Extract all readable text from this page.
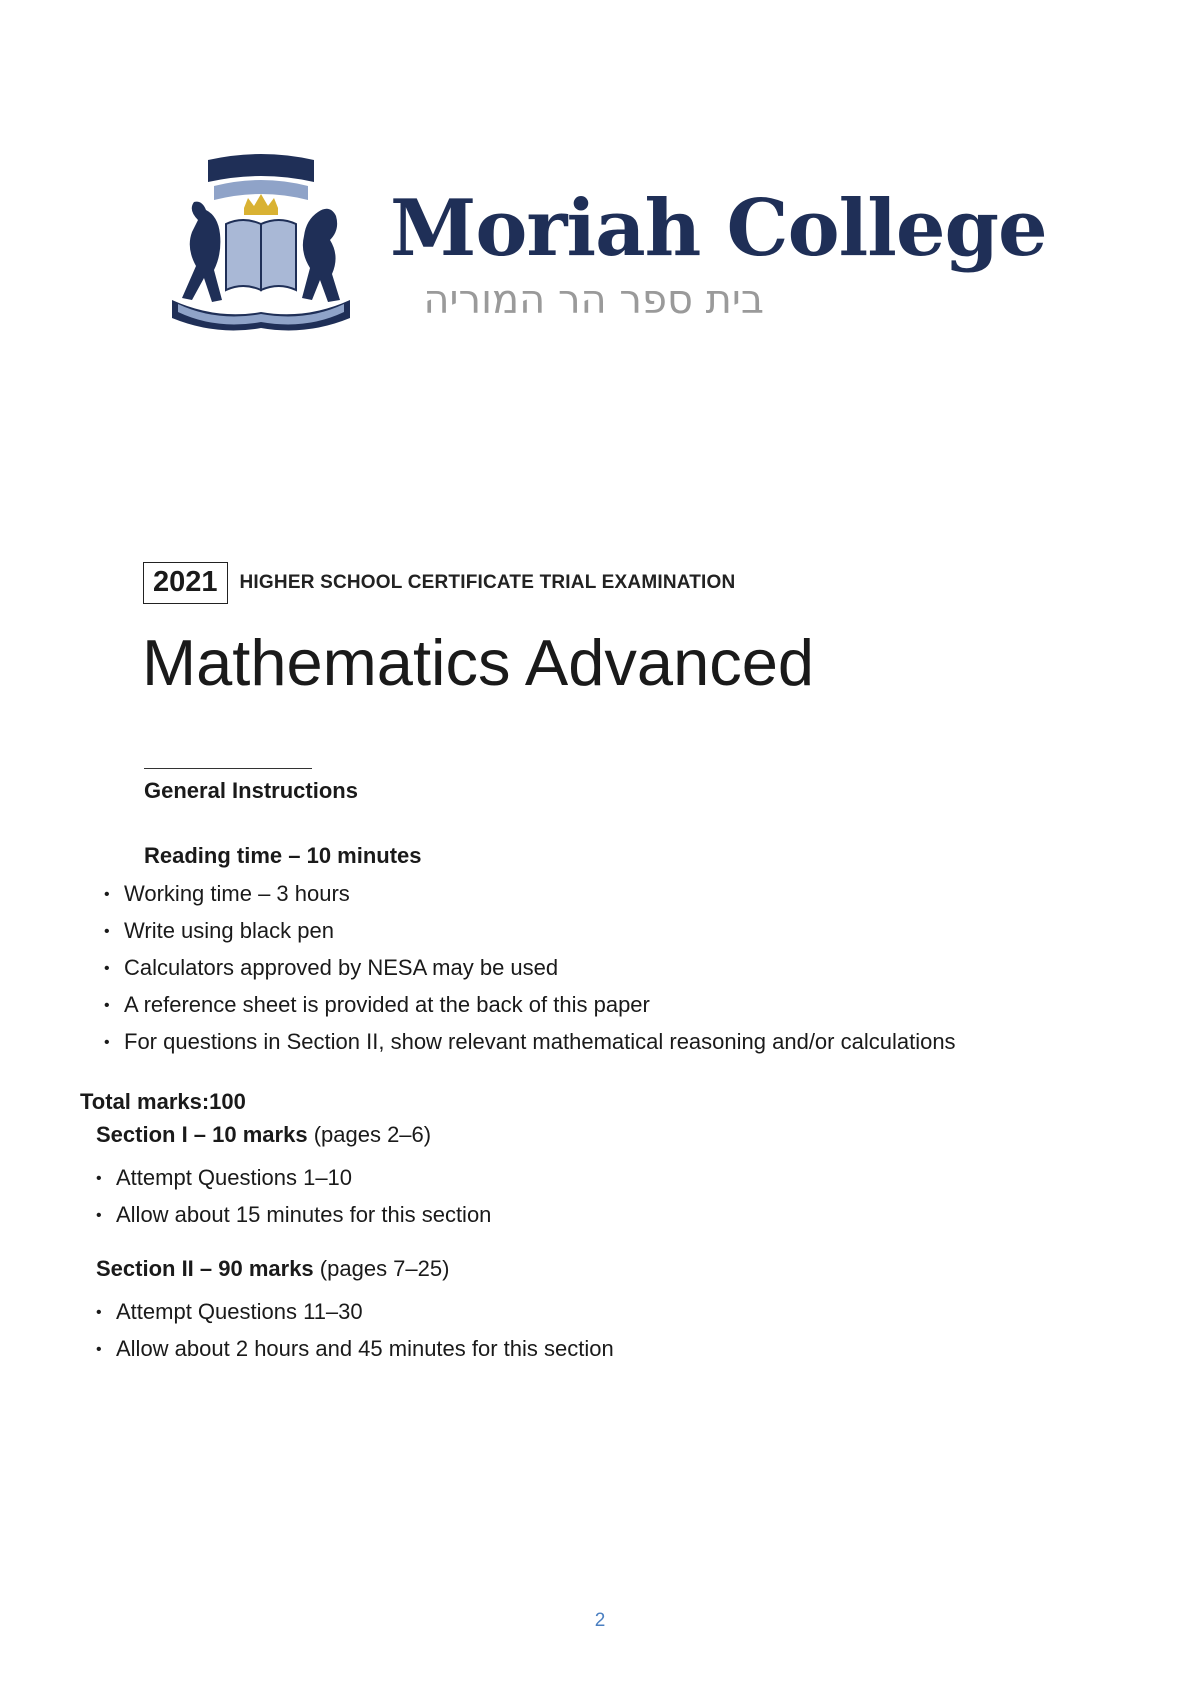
Moriah College
בית ספר הר המוריה
2021	HIGHER SCHOOL CERTIFICATE TRIAL EXAMINATION
Mathematics Advanced
General Instructions
Reading time – 10 minutes
• Working time – 3 hours
• Write using black pen
• Calculators approved by NESA may be used
• A reference sheet is provided at the back of this paper
• For questions in Section II, show relevant mathematical reasoning and/or calculations
Total marks:100
Section I – 10 marks (pages 2–6)
• Attempt Questions 1–10
• Allow about 15 minutes for this section
Section II – 90 marks (pages 7–25)
• Attempt Questions 11–30
• Allow about 2 hours and 45 minutes for this section
2
